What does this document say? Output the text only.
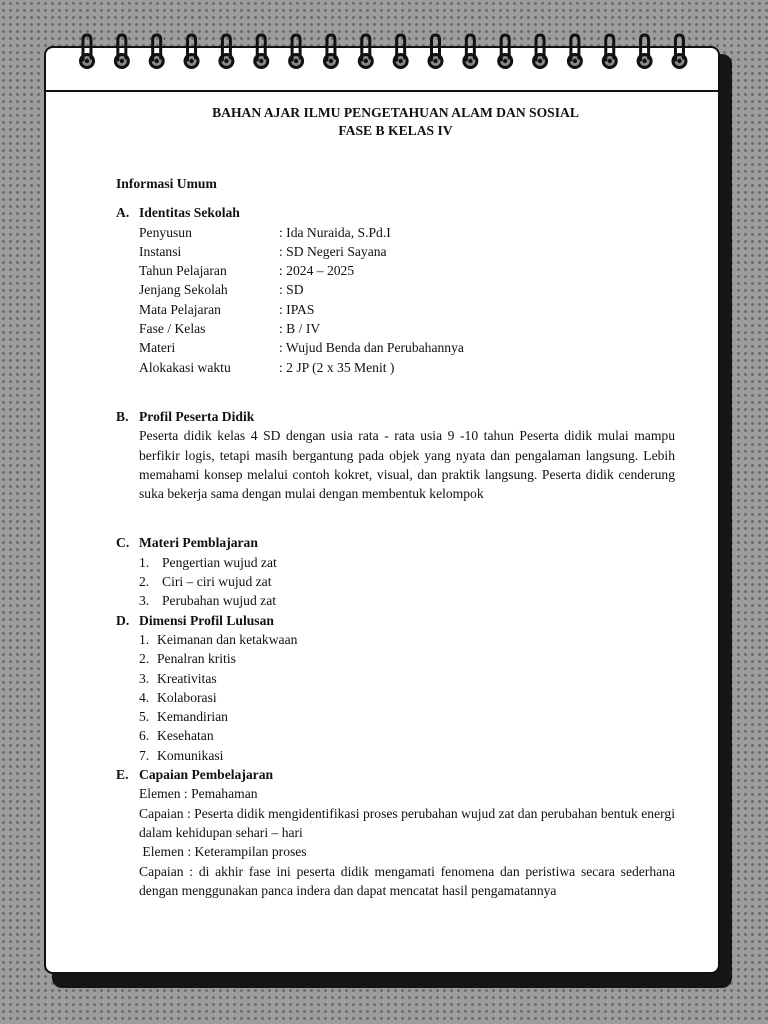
BAHAN AJAR ILMU PENGETAHUAN ALAM DAN SOSIAL
FASE B KELAS IV
Informasi Umum
A. Identitas Sekolah
Penyusun	: Ida Nuraida, S.Pd.I
Instansi	: SD Negeri Sayana
Tahun Pelajaran	: 2024 – 2025
Jenjang Sekolah	: SD
Mata Pelajaran	: IPAS
Fase / Kelas	: B / IV
Materi	: Wujud Benda dan Perubahannya
Alokakasi waktu	: 2 JP (2 x 35 Menit )
B. Profil Peserta Didik
Peserta didik kelas 4 SD dengan usia rata - rata usia 9 -10 tahun Peserta didik mulai mampu berfikir logis, tetapi masih bergantung pada objek yang nyata dan pengalaman langsung. Lebih memahami konsep melalui contoh kokret, visual, dan praktik langsung. Peserta didik cenderung suka bekerja sama dengan mulai dengan membentuk kelompok
C. Materi Pemblajaran
1. Pengertian wujud zat
2. Ciri – ciri wujud zat
3. Perubahan wujud zat
D. Dimensi Profil Lulusan
1. Keimanan dan ketakwaan
2. Penalran kritis
3. Kreativitas
4. Kolaborasi
5. Kemandirian
6. Kesehatan
7. Komunikasi
E. Capaian Pembelajaran
Elemen : Pemahaman
Capaian : Peserta didik mengidentifikasi proses perubahan wujud zat dan perubahan bentuk energi dalam kehidupan sehari – hari
Elemen : Keterampilan proses
Capaian : di akhir fase ini peserta didik mengamati fenomena dan peristiwa secara sederhana dengan menggunakan panca indera dan dapat mencatat hasil pengamatannya
